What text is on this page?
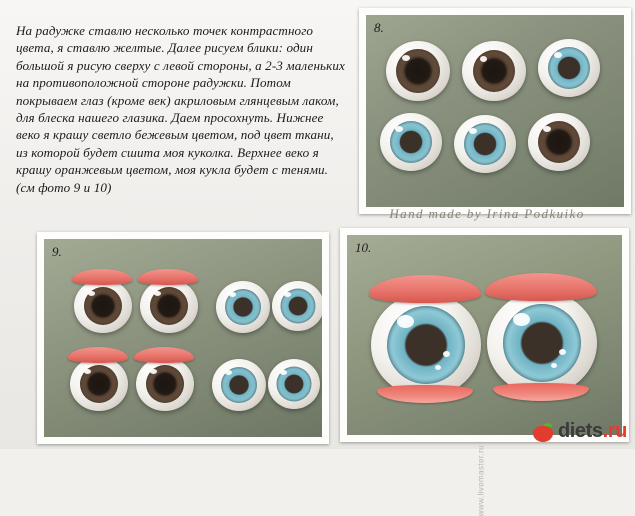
На радужке ставлю несколько точек контрастного цвета, я ставлю желтые. Далее рисуем блики: один большой я рисую сверху с левой стороны, а 2-3 маленьких на противоположной стороне радужки. Потом покрываем глаз (кроме век) акриловым глянцевым лаком, для блеска нашего глазика. Даем просохнуть. Нижнее веко я крашу светло бежевым цветом, под цвет ткани, из которой будет сшита моя куколка. Верхнее веко я крашу оранжевым цветом, моя кукла будет с тенями. (см фото 9 и 10)
8.
Hand made by Irina Podkuiko
9.	10.
www.livemaster.ru
diets.ru
